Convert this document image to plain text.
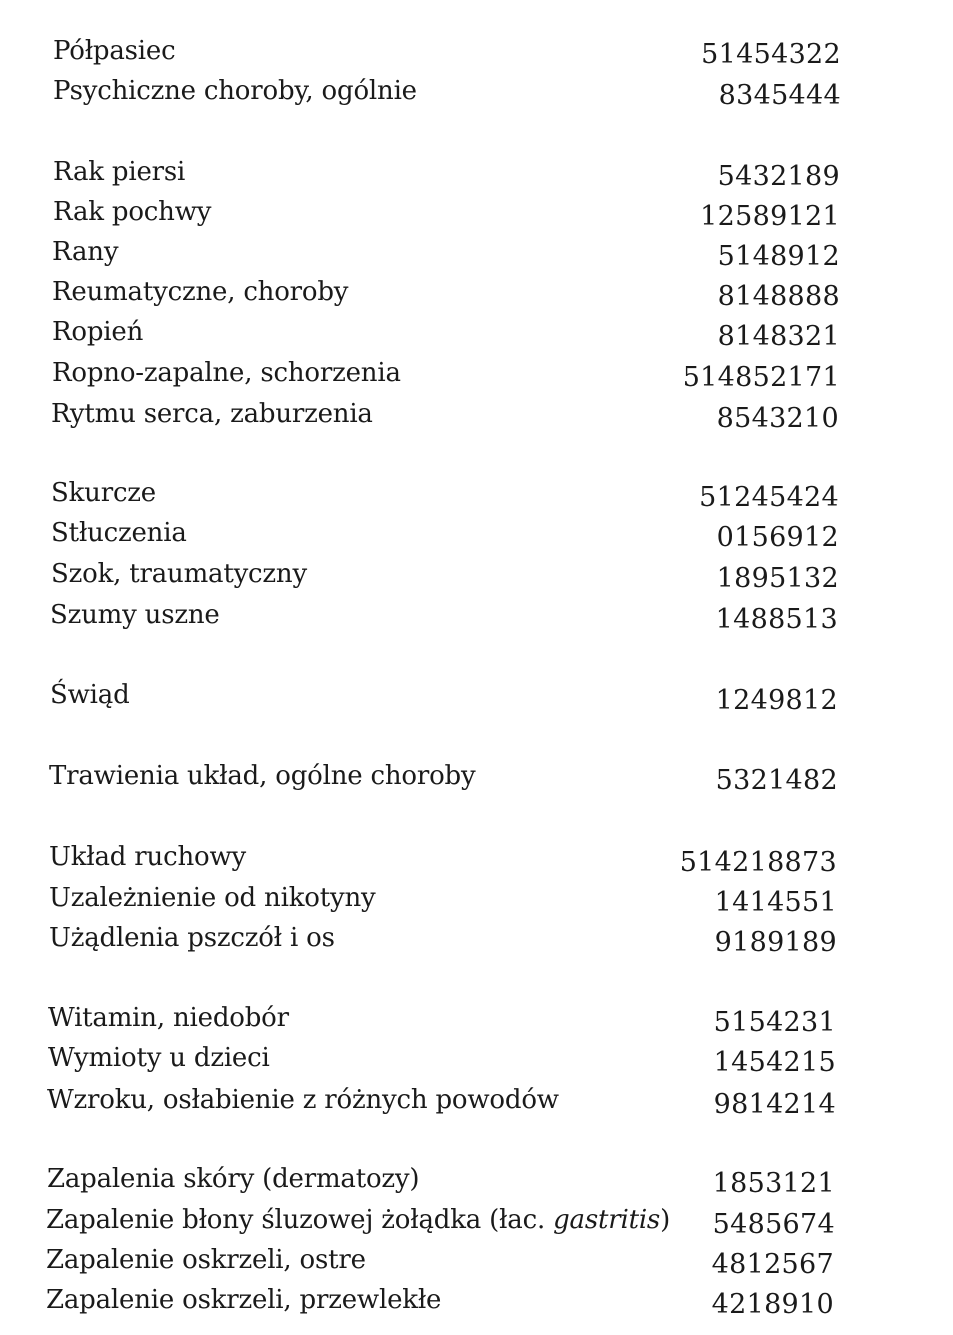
Półpasiec	51454322
Psychiczne choroby, ogólnie	8345444
Rak piersi	5432189
Rak pochwy	12589121
Rany	5148912
Reumatyczne, choroby	8148888
Ropień	8148321
Ropno-zapalne, schorzenia	514852171
Rytmu serca, zaburzenia	8543210
Skurcze	51245424
Stłuczenia	0156912
Szok, traumatyczny	1895132
Szumy uszne	1488513
Świąd	1249812
Trawienia układ, ogólne choroby	5321482
Układ ruchowy	514218873
Uzależnienie od nikotyny	1414551
Użądlenia pszczół i os	9189189
Witamin, niedobór	5154231
Wymioty u dzieci	1454215
Wzroku, osłabienie z różnych powodów	9814214
Zapalenia skóry (dermatozy)	1853121
Zapalenie błony śluzowej żołądka (łac. gastritis)	5485674
Zapalenie oskrzeli, ostre	4812567
Zapalenie oskrzeli, przewlekłe	4218910
